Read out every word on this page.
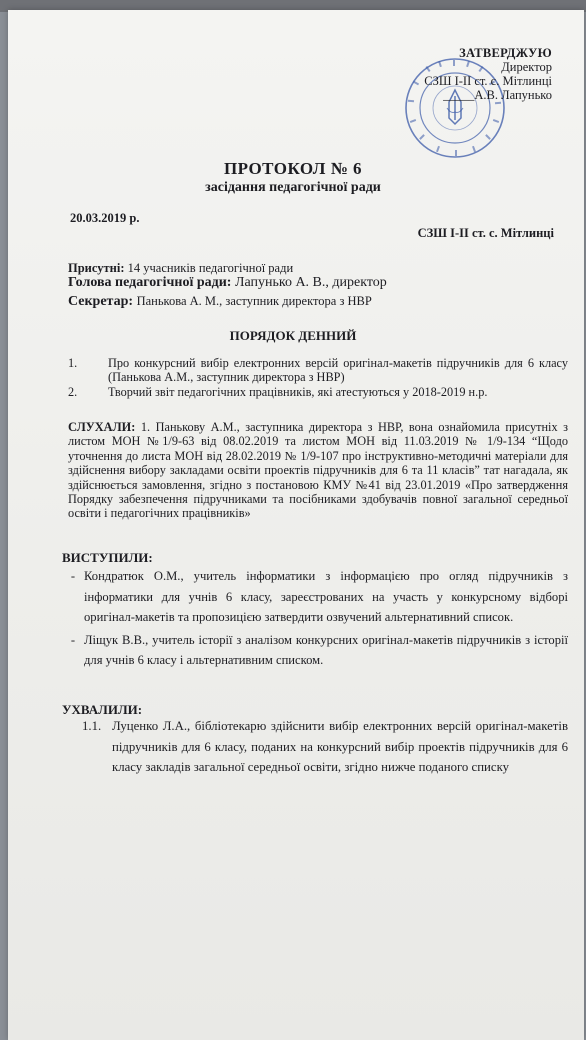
ЗАТВЕРДЖУЮ
Директор
СЗШ І-ІІ ст. с. Мітлинці
_____А.В. Лапунько
ПРОТОКОЛ № 6
засідання педагогічної ради
20.03.2019 р.
СЗШ І-ІІ ст. с. Мітлинці
Присутні: 14 учасників педагогічної ради
Голова педагогічної ради: Лапунько А. В., директор
Секретар: Панькова А. М., заступник директора з НВР
ПОРЯДОК ДЕННИЙ
1.	Про конкурсний вибір електронних версій оригінал-макетів підручників для 6 класу (Панькова А.М., заступник директора з НВР)
2.	Творчий звіт педагогічних працівників, які атестуються у 2018-2019 н.р.
СЛУХАЛИ: 1. Панькову А.М., заступника директора з НВР, вона ознайомила присутніх з листом МОН №1/9-63 від 08.02.2019 та листом МОН від 11.03.2019 № 1/9-134 “Щодо уточнення до листа МОН від 28.02.2019 № 1/9-107 про інструктивно-методичні матеріали для здійснення вибору закладами освіти проектів підручників для 6 та 11 класів” тат нагадала, як здійснюється замовлення, згідно з постановою КМУ №41 від 23.01.2019 «Про затвердження Порядку забезпечення підручниками та посібниками здобувачів повної загальної середньої освіти і педагогічних працівників»
ВИСТУПИЛИ:
- Кондратюк О.М., учитель інформатики з інформацією про огляд підручників з інформатики для учнів 6 класу, зареєстрованих на участь у конкурсному відборі оригінал-макетів та пропозицією затвердити озвучений альтернативний список.
- Ліщук В.В., учитель історії з аналізом конкурсних оригінал-макетів підручників з історії для учнів 6 класу і альтернативним списком.
УХВАЛИЛИ:
1.1. Луценко Л.А., бібліотекарю здійснити вибір електронних версій оригінал-макетів підручників для 6 класу, поданих на конкурсний вибір проектів підручників для 6 класу закладів загальної середньої освіти, згідно нижче поданого списку
